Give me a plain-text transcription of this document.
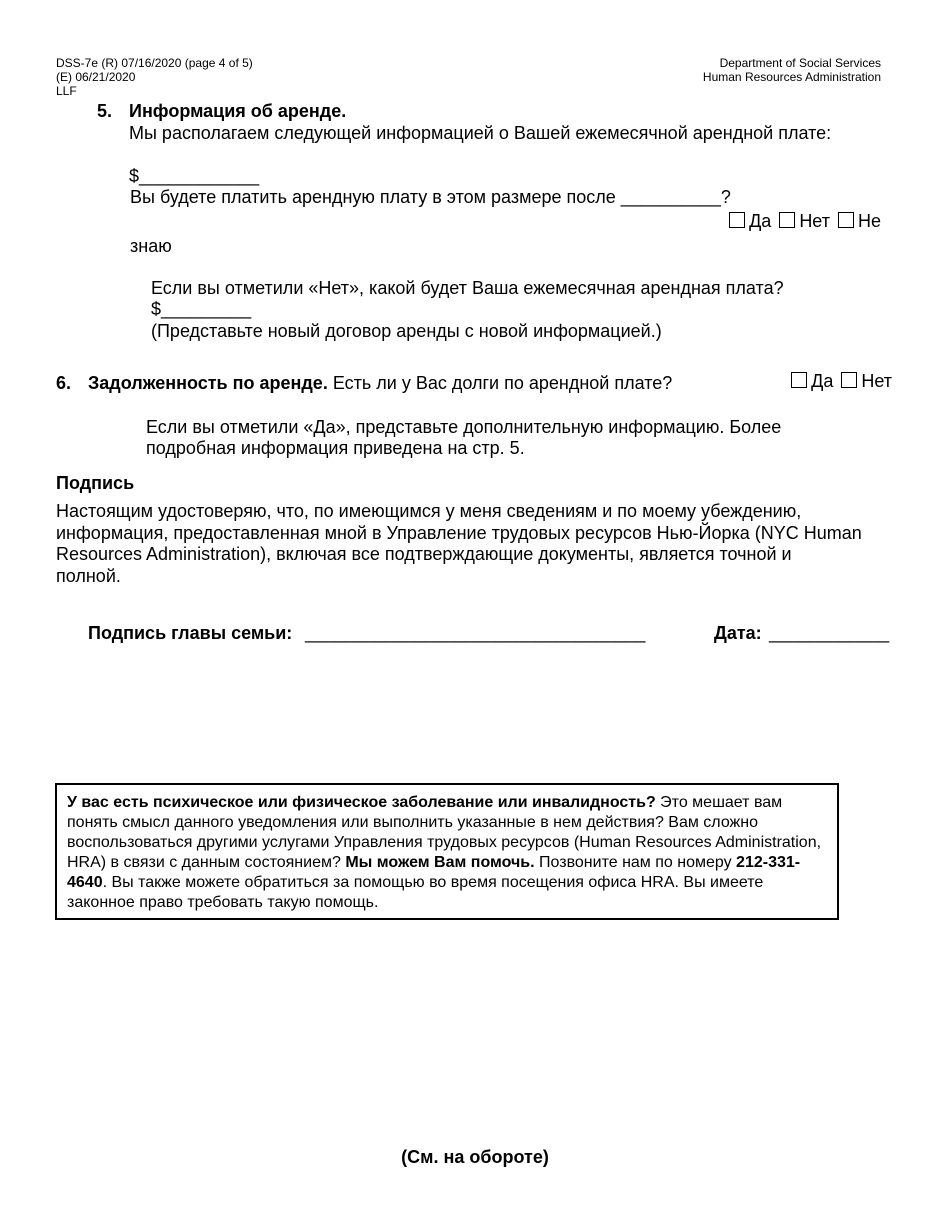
DSS-7e (R) 07/16/2020 (page 4 of 5)
(E) 06/21/2020
LLF
Department of Social Services
Human Resources Administration
5. Информация об аренде.
Мы располагаем следующей информацией о Вашей ежемесячной арендной плате:
$____________
Вы будете платить арендную плату в этом размере после __________?
Да Нет Не
знаю
Если вы отметили «Нет», какой будет Ваша ежемесячная арендная плата?
$_________
(Представьте новый договор аренды с новой информацией.)
6. Задолженность по аренде. Есть ли у Вас долги по арендной плате?	Да Нет
Если вы отметили «Да», представьте дополнительную информацию. Более
подробная информация приведена на стр. 5.
Подпись
Настоящим удостоверяю, что, по имеющимся у меня сведениям и по моему убеждению,
информация, предоставленная мной в Управление трудовых ресурсов Нью-Йорка (NYC Human
Resources Administration), включая все подтверждающие документы, является точной и
полной.
Подпись главы семьи: __________________________________	Дата: ____________

У вас есть психическое или физическое заболевание или инвалидность? Это мешает вам понять смысл данного уведомления или выполнить указанные в нем действия? Вам сложно воспользоваться другими услугами Управления трудовых ресурсов (Human Resources Administration, HRA) в связи с данным состоянием? Мы можем Вам помочь. Позвоните нам по номеру 212-331-4640. Вы также можете обратиться за помощью во время посещения офиса HRA. Вы имеете законное право требовать такую помощь.

(См. на обороте)
